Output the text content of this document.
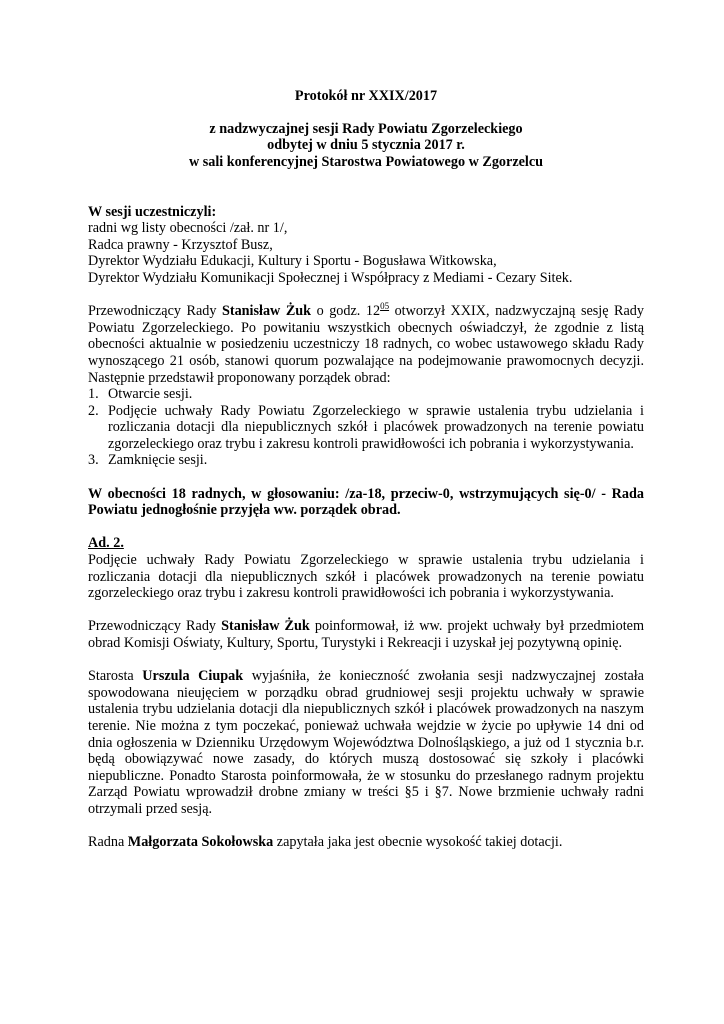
Protokół nr XXIX/2017
z nadzwyczajnej sesji Rady Powiatu Zgorzeleckiego
odbytej w dniu 5 stycznia 2017 r.
w sali konferencyjnej Starostwa Powiatowego w Zgorzelcu
W sesji uczestniczyli:
radni wg listy obecności /zał. nr 1/,
Radca prawny - Krzysztof Busz,
Dyrektor Wydziału Edukacji, Kultury i Sportu - Bogusława Witkowska,
Dyrektor Wydziału Komunikacji Społecznej i Współpracy z Mediami - Cezary Sitek.

Przewodniczący Rady Stanisław Żuk o godz. $12^{05}$ otworzył XXIX, nadzwyczajną sesję Rady Powiatu Zgorzeleckiego. Po powitaniu wszystkich obecnych oświadczył, że zgodnie z listą obecności aktualnie w posiedzeniu uczestniczy 18 radnych, co wobec ustawowego składu Rady wynoszącego 21 osób, stanowi quorum pozwalające na podejmowanie prawomocnych decyzji. Następnie przedstawił proponowany porządek obrad:

1. Otwarcie sesji.
2. Podjęcie uchwały Rady Powiatu Zgorzeleckiego w sprawie ustalenia trybu udzielania i rozliczania dotacji dla niepublicznych szkół i placówek prowadzonych na terenie powiatu zgorzeleckiego oraz trybu i zakresu kontroli prawidłowości ich pobrania i wykorzystywania.
3. Zamknięcie sesji.

W obecności 18 radnych, w głosowaniu: /za-18, przeciw-0, wstrzymujących się-0/ - Rada Powiatu jednogłośnie przyjęła ww. porządek obrad.

Ad. 2.

Podjęcie uchwały Rady Powiatu Zgorzeleckiego w sprawie ustalenia trybu udzielania i rozliczania dotacji dla niepublicznych szkół i placówek prowadzonych na terenie powiatu zgorzeleckiego oraz trybu i zakresu kontroli prawidłowości ich pobrania i wykorzystywania.

Przewodniczący Rady Stanisław Żuk poinformował, iż ww. projekt uchwały był przedmiotem obrad Komisji Oświaty, Kultury, Sportu, Turystyki i Rekreacji i uzyskał jej pozytywną opinię.

Starosta Urszula Ciupak wyjaśniła, że konieczność zwołania sesji nadzwyczajnej została spowodowana nieujęciem w porządku obrad grudniowej sesji projektu uchwały w sprawie ustalenia trybu udzielania dotacji dla niepublicznych szkół i placówek prowadzonych na naszym terenie. Nie można z tym poczekać, ponieważ uchwała wejdzie w życie po upływie 14 dni od dnia ogłoszenia w Dzienniku Urzędowym Województwa Dolnośląskiego, a już od 1 stycznia b.r. będą obowiązywać nowe zasady, do których muszą dostosować się szkoły i placówki niepubliczne. Ponadto Starosta poinformowała, że w stosunku do przesłanego radnym projektu Zarząd Powiatu wprowadził drobne zmiany w treści §5 i §7. Nowe brzmienie uchwały radni otrzymali przed sesją.

Radna Małgorzata Sokołowska zapytała jaka jest obecnie wysokość takiej dotacji.
